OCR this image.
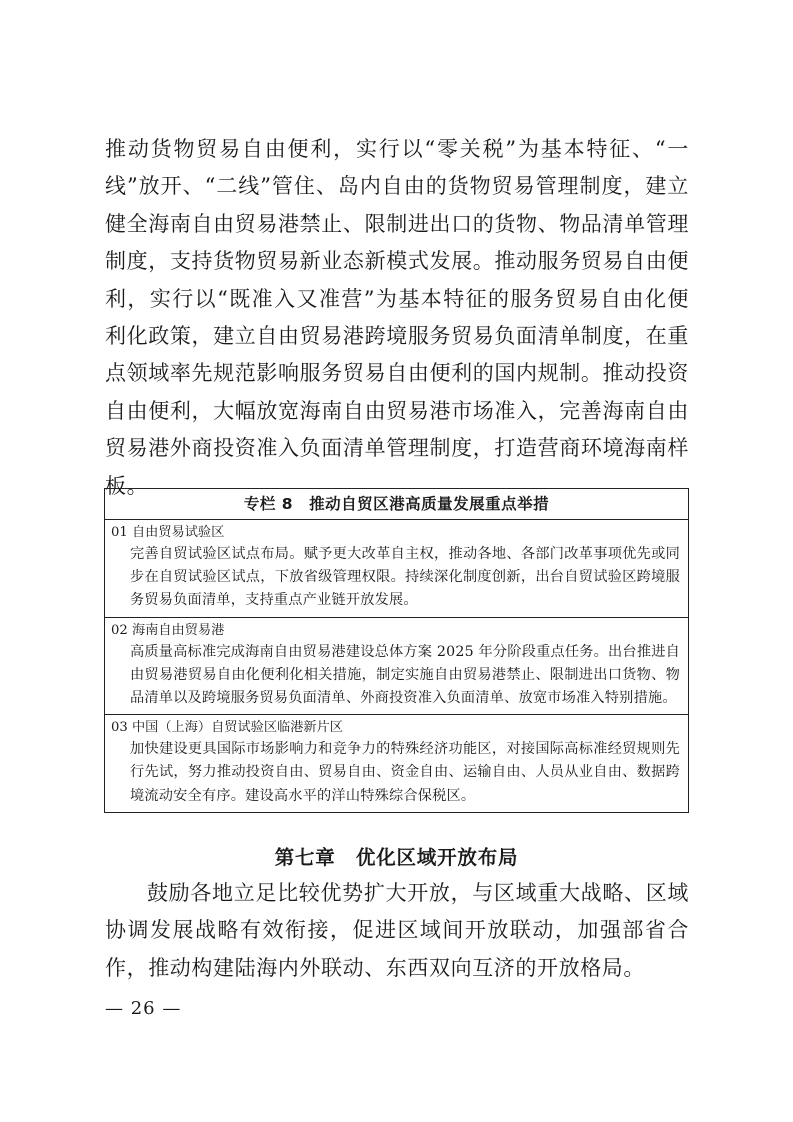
推动货物贸易自由便利，实行以“零关税”为基本特征、“一线”放开、“二线”管住、岛内自由的货物贸易管理制度，建立健全海南自由贸易港禁止、限制进出口的货物、物品清单管理制度，支持货物贸易新业态新模式发展。推动服务贸易自由便利，实行以“既准入又准营”为基本特征的服务贸易自由化便利化政策，建立自由贸易港跨境服务贸易负面清单制度，在重点领域率先规范影响服务贸易自由便利的国内规制。推动投资自由便利，大幅放宽海南自由贸易港市场准入，完善海南自由贸易港外商投资准入负面清单管理制度，打造营商环境海南样板。

专栏 8　推动自贸区港高质量发展重点举措
01 自由贸易试验区
完善自贸试验区试点布局。赋予更大改革自主权，推动各地、各部门改革事项优先或同步在自贸试验区试点，下放省级管理权限。持续深化制度创新，出台自贸试验区跨境服务贸易负面清单，支持重点产业链开放发展。
02 海南自由贸易港
高质量高标准完成海南自由贸易港建设总体方案 2025 年分阶段重点任务。出台推进自由贸易港贸易自由化便利化相关措施，制定实施自由贸易港禁止、限制进出口货物、物品清单以及跨境服务贸易负面清单、外商投资准入负面清单、放宽市场准入特别措施。
03 中国（上海）自贸试验区临港新片区
加快建设更具国际市场影响力和竞争力的特殊经济功能区，对接国际高标准经贸规则先行先试，努力推动投资自由、贸易自由、资金自由、运输自由、人员从业自由、数据跨境流动安全有序。建设高水平的洋山特殊综合保税区。
第七章　优化区域开放布局

鼓励各地立足比较优势扩大开放，与区域重大战略、区域协调发展战略有效衔接，促进区域间开放联动，加强部省合作，推动构建陆海内外联动、东西双向互济的开放格局。

— 26 —
